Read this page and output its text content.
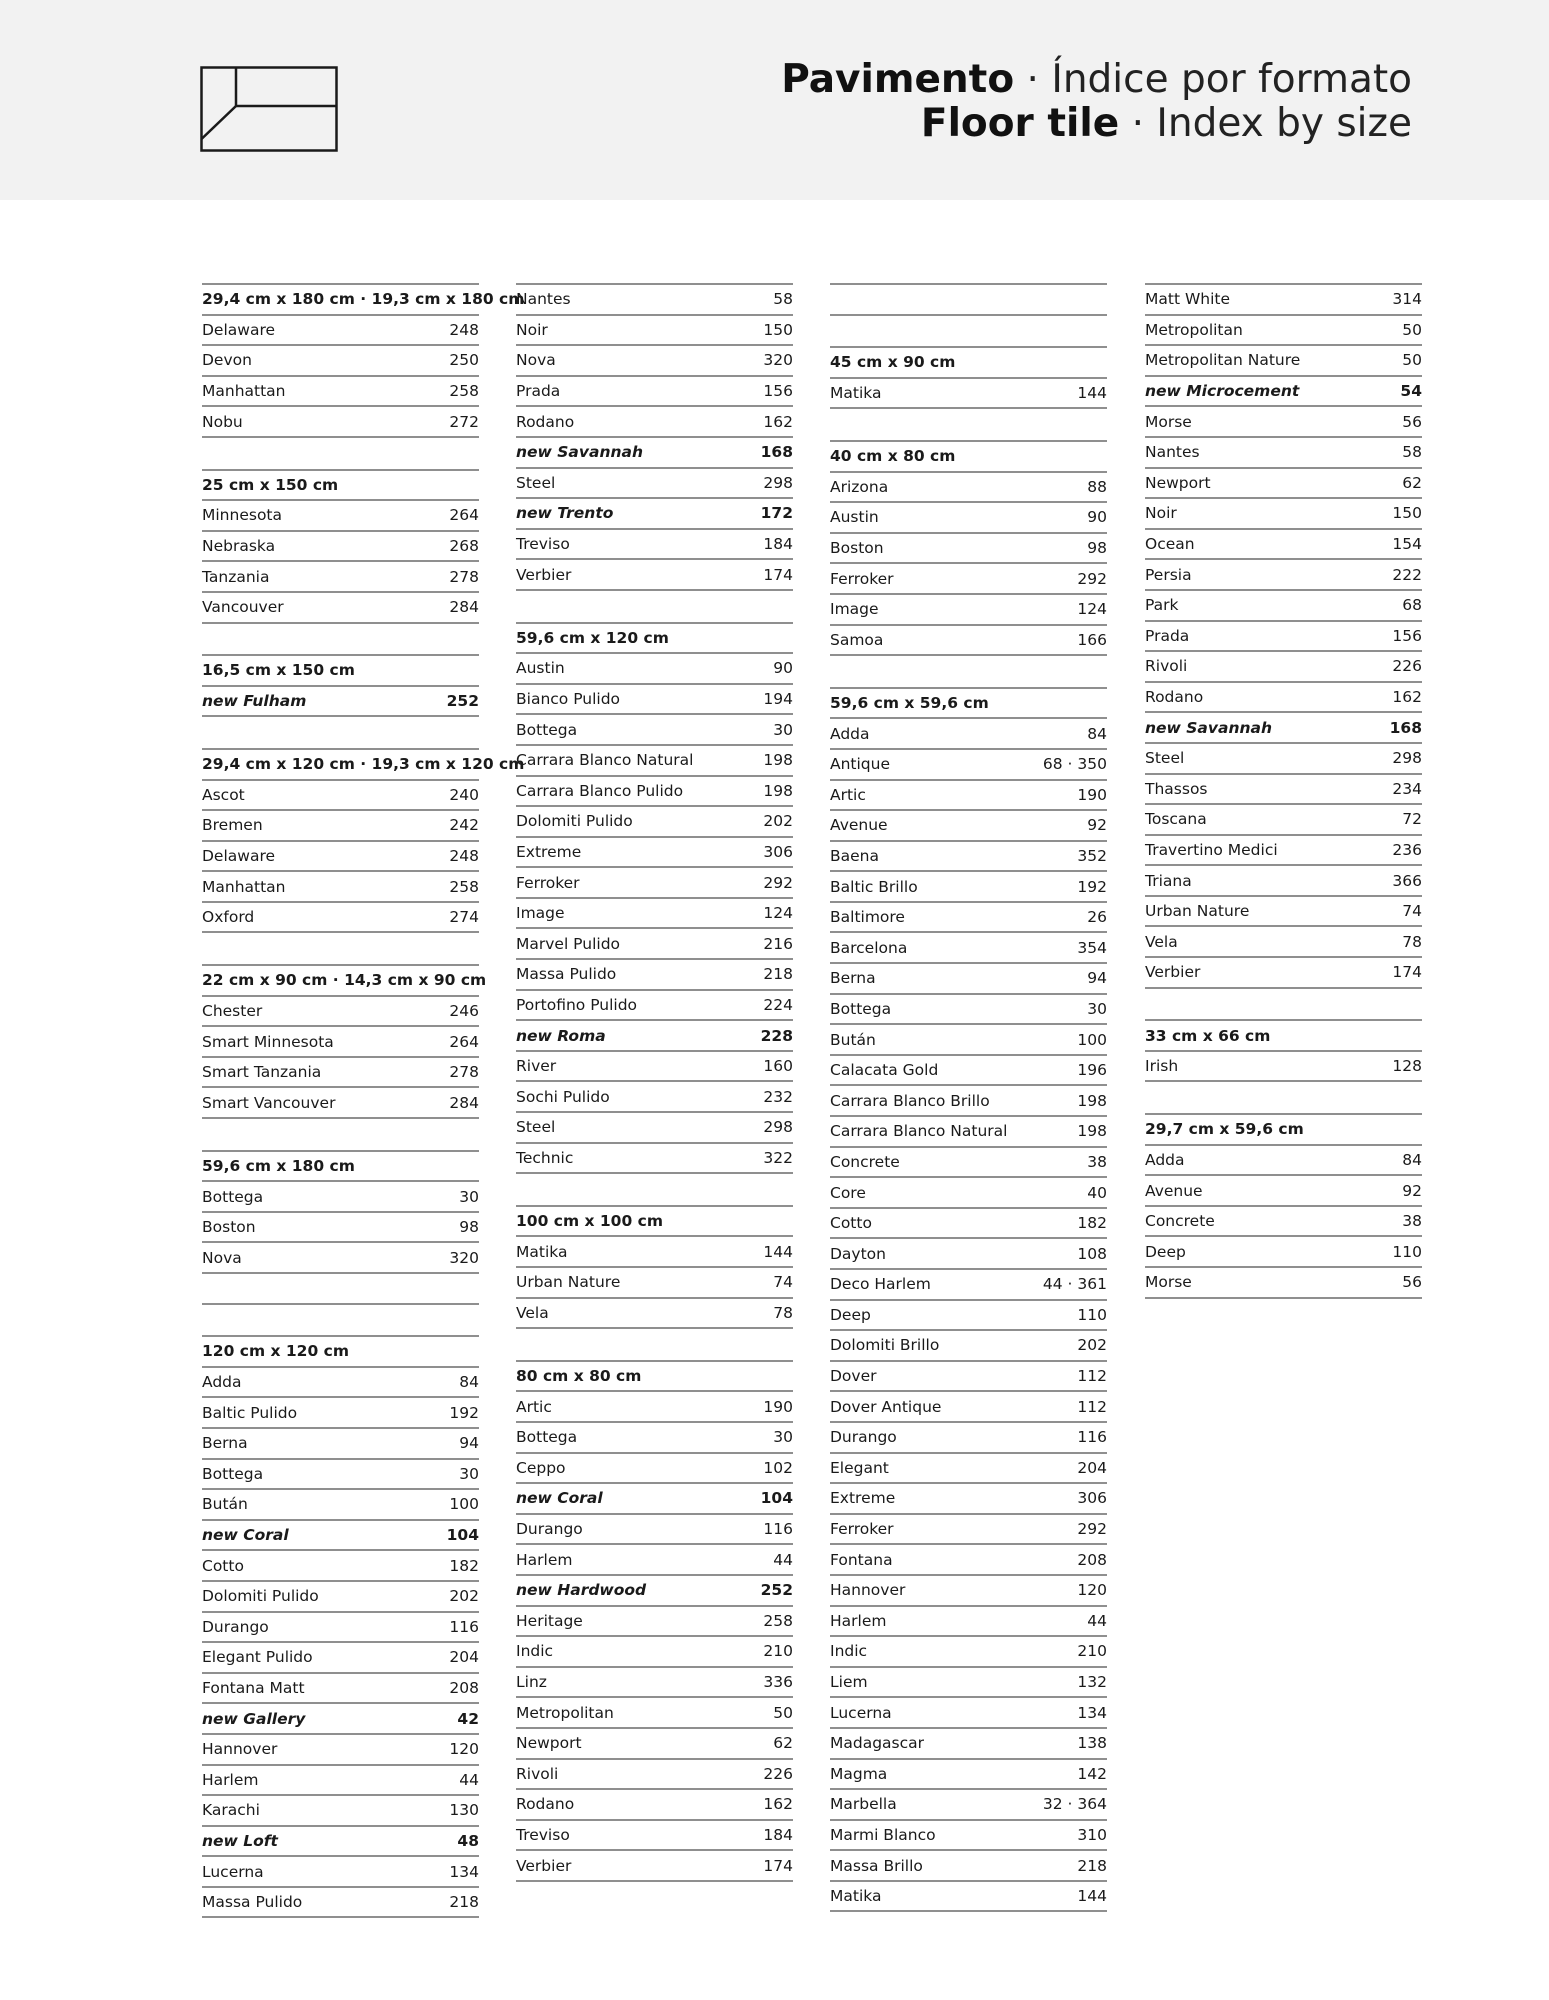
Pavimento · Índice por formato
Floor tile · Index by size
29,4 cm x 180 cm · 19,3 cm x 180 cm
Delaware	248
Devon	250
Manhattan	258
Nobu	272
25 cm x 150 cm
Minnesota	264
Nebraska	268
Tanzania	278
Vancouver	284
16,5 cm x 150 cm
new Fulham	252
29,4 cm x 120 cm · 19,3 cm x 120 cm
Ascot	240
Bremen	242
Delaware	248
Manhattan	258
Oxford	274
22 cm x 90 cm · 14,3 cm x 90 cm
Chester	246
Smart Minnesota	264
Smart Tanzania	278
Smart Vancouver	284
59,6 cm x 180 cm
Bottega	30
Boston	98
Nova	320
120 cm x 120 cm
Adda	84
Baltic Pulido	192
Berna	94
Bottega	30
Bután	100
new Coral	104
Cotto	182
Dolomiti Pulido	202
Durango	116
Elegant Pulido	204
Fontana Matt	208
new Gallery	42
Hannover	120
Harlem	44
Karachi	130
new Loft	48
Lucerna	134
Massa Pulido	218
Nantes	58
Noir	150
Nova	320
Prada	156
Rodano	162
new Savannah	168
Steel	298
new Trento	172
Treviso	184
Verbier	174
59,6 cm x 120 cm
Austin	90
Bianco Pulido	194
Bottega	30
Carrara Blanco Natural	198
Carrara Blanco Pulido	198
Dolomiti Pulido	202
Extreme	306
Ferroker	292
Image	124
Marvel Pulido	216
Massa Pulido	218
Portofino Pulido	224
new Roma	228
River	160
Sochi Pulido	232
Steel	298
Technic	322
100 cm x 100 cm
Matika	144
Urban Nature	74
Vela	78
80 cm x 80 cm
Artic	190
Bottega	30
Ceppo	102
new Coral	104
Durango	116
Harlem	44
new Hardwood	252
Heritage	258
Indic	210
Linz	336
Metropolitan	50
Newport	62
Rivoli	226
Rodano	162
Treviso	184
Verbier	174
45 cm x 90 cm
Matika	144
40 cm x 80 cm
Arizona	88
Austin	90
Boston	98
Ferroker	292
Image	124
Samoa	166
59,6 cm x 59,6 cm
Adda	84
Antique	68 · 350
Artic	190
Avenue	92
Baena	352
Baltic Brillo	192
Baltimore	26
Barcelona	354
Berna	94
Bottega	30
Bután	100
Calacata Gold	196
Carrara Blanco Brillo	198
Carrara Blanco Natural	198
Concrete	38
Core	40
Cotto	182
Dayton	108
Deco Harlem	44 · 361
Deep	110
Dolomiti Brillo	202
Dover	112
Dover Antique	112
Durango	116
Elegant	204
Extreme	306
Ferroker	292
Fontana	208
Hannover	120
Harlem	44
Indic	210
Liem	132
Lucerna	134
Madagascar	138
Magma	142
Marbella	32 · 364
Marmi Blanco	310
Massa Brillo	218
Matika	144
Matt White	314
Metropolitan	50
Metropolitan Nature	50
new Microcement	54
Morse	56
Nantes	58
Newport	62
Noir	150
Ocean	154
Persia	222
Park	68
Prada	156
Rivoli	226
Rodano	162
new Savannah	168
Steel	298
Thassos	234
Toscana	72
Travertino Medici	236
Triana	366
Urban Nature	74
Vela	78
Verbier	174
33 cm x 66 cm
Irish	128
29,7 cm x 59,6 cm
Adda	84
Avenue	92
Concrete	38
Deep	110
Morse	56
